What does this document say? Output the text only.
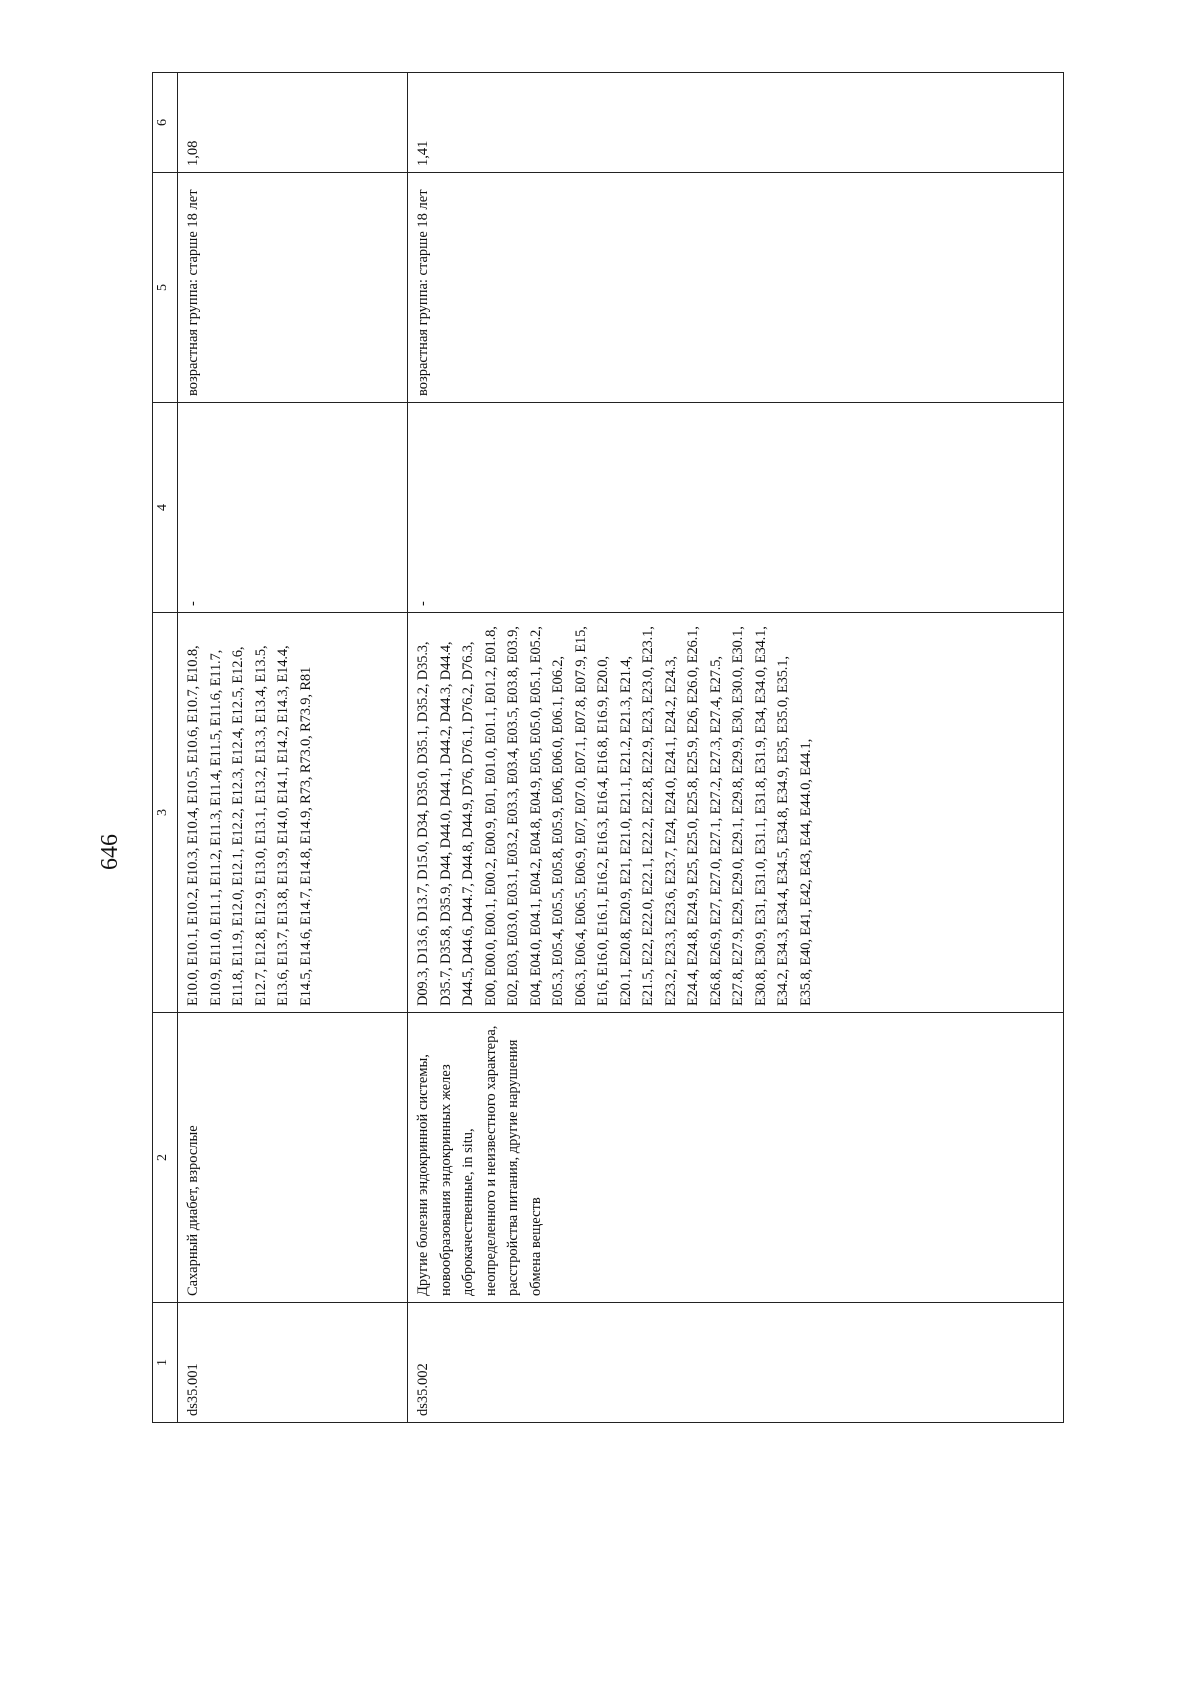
646
1	2	3	4	5	6
ds35.001	Сахарный диабет, взрослые	E10.0, E10.1, E10.2, E10.3, E10.4, E10.5, E10.6, E10.7, E10.8, E10.9, E11.0, E11.1, E11.2, E11.3, E11.4, E11.5, E11.6, E11.7, E11.8, E11.9, E12.0, E12.1, E12.2, E12.3, E12.4, E12.5, E12.6, E12.7, E12.8, E12.9, E13.0, E13.1, E13.2, E13.3, E13.4, E13.5, E13.6, E13.7, E13.8, E13.9, E14.0, E14.1, E14.2, E14.3, E14.4, E14.5, E14.6, E14.7, E14.8, E14.9, R73, R73.0, R73.9, R81	-	возрастная группа: старше 18 лет	1,08
ds35.002	Другие болезни эндокринной системы, новообразования эндокринных желез доброкачественные, in situ, неопределенного и неизвестного характера, расстройства питания, другие нарушения обмена веществ	D09.3, D13.6, D13.7, D15.0, D34, D35.0, D35.1, D35.2, D35.3, D35.7, D35.8, D35.9, D44, D44.0, D44.1, D44.2, D44.3, D44.4, D44.5, D44.6, D44.7, D44.8, D44.9, D76, D76.1, D76.2, D76.3, E00, E00.0, E00.1, E00.2, E00.9, E01, E01.0, E01.1, E01.2, E01.8, E02, E03, E03.0, E03.1, E03.2, E03.3, E03.4, E03.5, E03.8, E03.9, E04, E04.0, E04.1, E04.2, E04.8, E04.9, E05, E05.0, E05.1, E05.2, E05.3, E05.4, E05.5, E05.8, E05.9, E06, E06.0, E06.1, E06.2, E06.3, E06.4, E06.5, E06.9, E07, E07.0, E07.1, E07.8, E07.9, E15, E16, E16.0, E16.1, E16.2, E16.3, E16.4, E16.8, E16.9, E20.0, E20.1, E20.8, E20.9, E21, E21.0, E21.1, E21.2, E21.3, E21.4, E21.5, E22, E22.0, E22.1, E22.2, E22.8, E22.9, E23, E23.0, E23.1, E23.2, E23.3, E23.6, E23.7, E24, E24.0, E24.1, E24.2, E24.3, E24.4, E24.8, E24.9, E25, E25.0, E25.8, E25.9, E26, E26.0, E26.1, E26.8, E26.9, E27, E27.0, E27.1, E27.2, E27.3, E27.4, E27.5, E27.8, E27.9, E29, E29.0, E29.1, E29.8, E29.9, E30, E30.0, E30.1, E30.8, E30.9, E31, E31.0, E31.1, E31.8, E31.9, E34, E34.0, E34.1, E34.2, E34.3, E34.4, E34.5, E34.8, E34.9, E35, E35.0, E35.1, E35.8, E40, E41, E42, E43, E44, E44.0, E44.1,	-	возрастная группа: старше 18 лет	1,41
